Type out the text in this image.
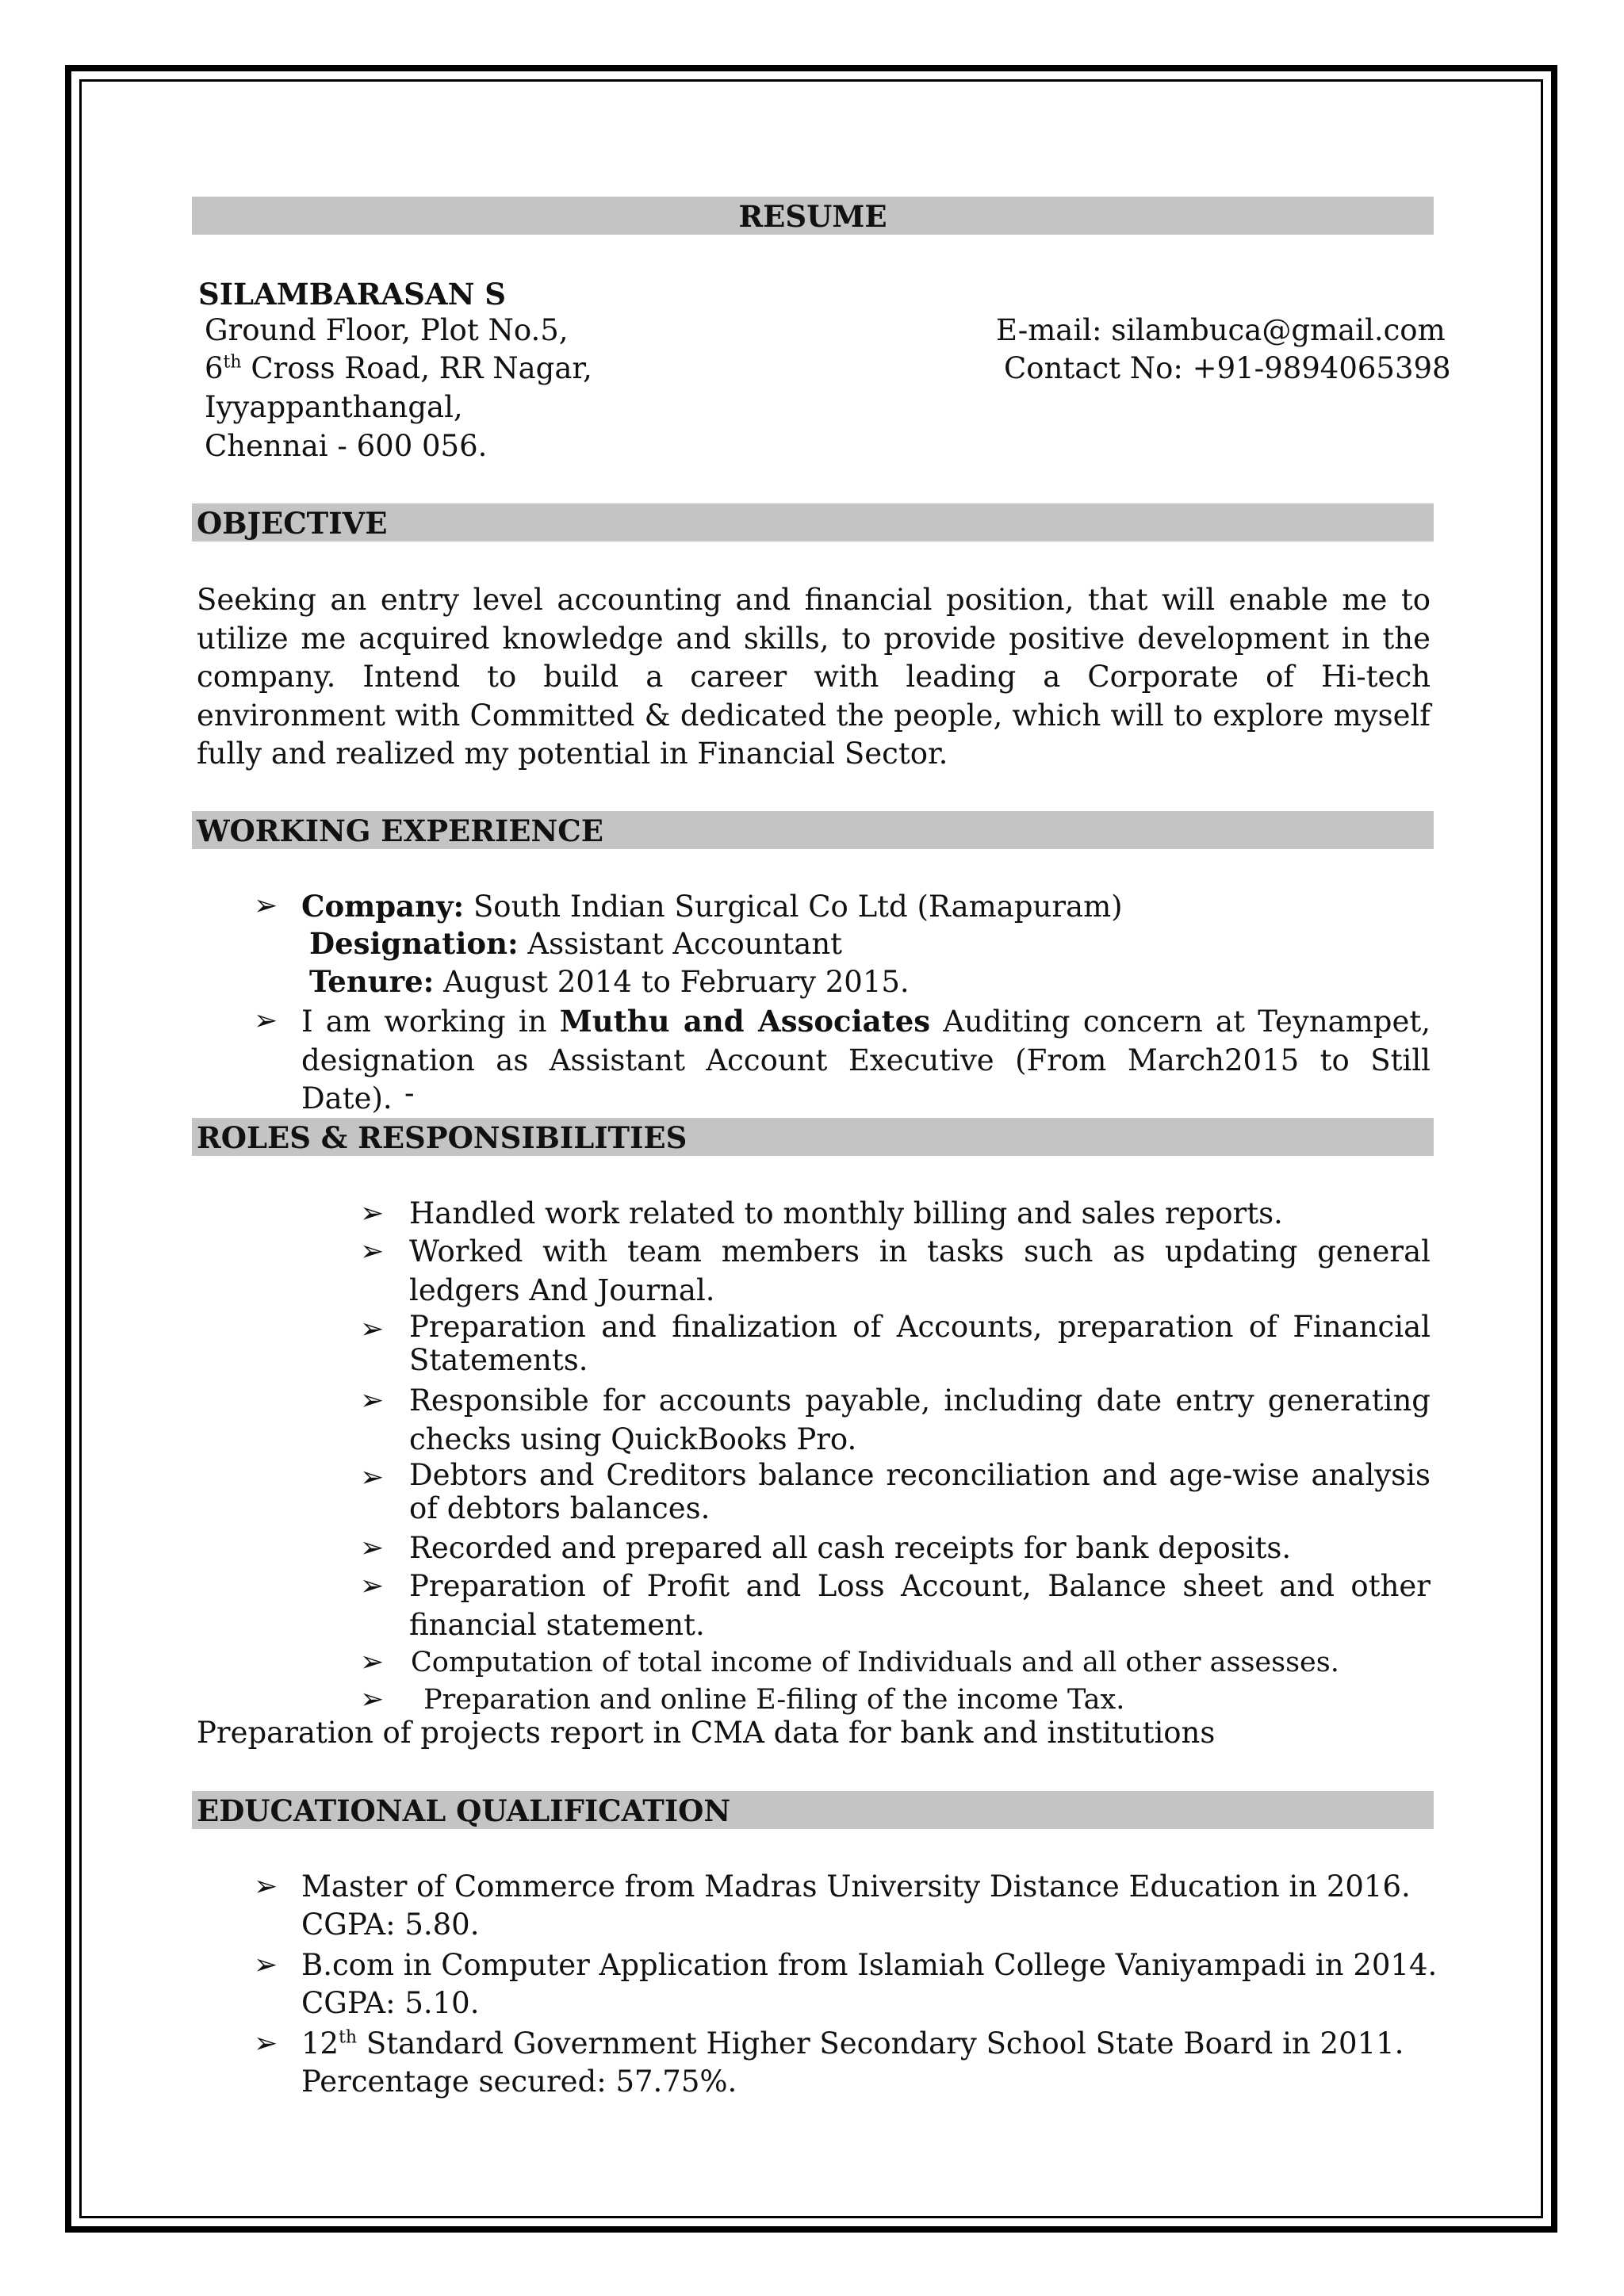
RESUME
SILAMBARASAN S
Ground Floor, Plot No.5,
6th Cross Road, RR Nagar,
Iyyappanthangal,
Chennai - 600 056.
E-mail: silambuca@gmail.com
Contact No: +91-9894065398
OBJECTIVE
Seeking an entry level accounting and financial position, that will enable me to utilize me acquired knowledge and skills, to provide positive development in the company. Intend to build a career with leading a Corporate of Hi-tech environment with Committed & dedicated the people, which will to explore myself fully and realized my potential in Financial Sector.
WORKING EXPERIENCE
➢ Company: South Indian Surgical Co Ltd (Ramapuram)
Designation: Assistant Accountant
Tenure: August 2014 to February 2015.
➢ I am working in Muthu and Associates Auditing concern at Teynampet, designation as Assistant Account Executive (From March2015 to Still Date). -
ROLES & RESPONSIBILITIES
➢ Handled work related to monthly billing and sales reports.
➢ Worked with team members in tasks such as updating general ledgers And Journal.
➢ Preparation and finalization of Accounts, preparation of Financial Statements.
➢ Responsible for accounts payable, including date entry generating checks using QuickBooks Pro.
➢ Debtors and Creditors balance reconciliation and age-wise analysis of debtors balances.
➢ Recorded and prepared all cash receipts for bank deposits.
➢ Preparation of Profit and Loss Account, Balance sheet and other financial statement.
➢ Computation of total income of Individuals and all other assesses.
➢ Preparation and online E-filing of the income Tax.
Preparation of projects report in CMA data for bank and institutions
EDUCATIONAL QUALIFICATION
➢ Master of Commerce from Madras University Distance Education in 2016.
CGPA: 5.80.
➢ B.com in Computer Application from Islamiah College Vaniyampadi in 2014.
CGPA: 5.10.
➢ 12th Standard Government Higher Secondary School State Board in 2011.
Percentage secured: 57.75%.
